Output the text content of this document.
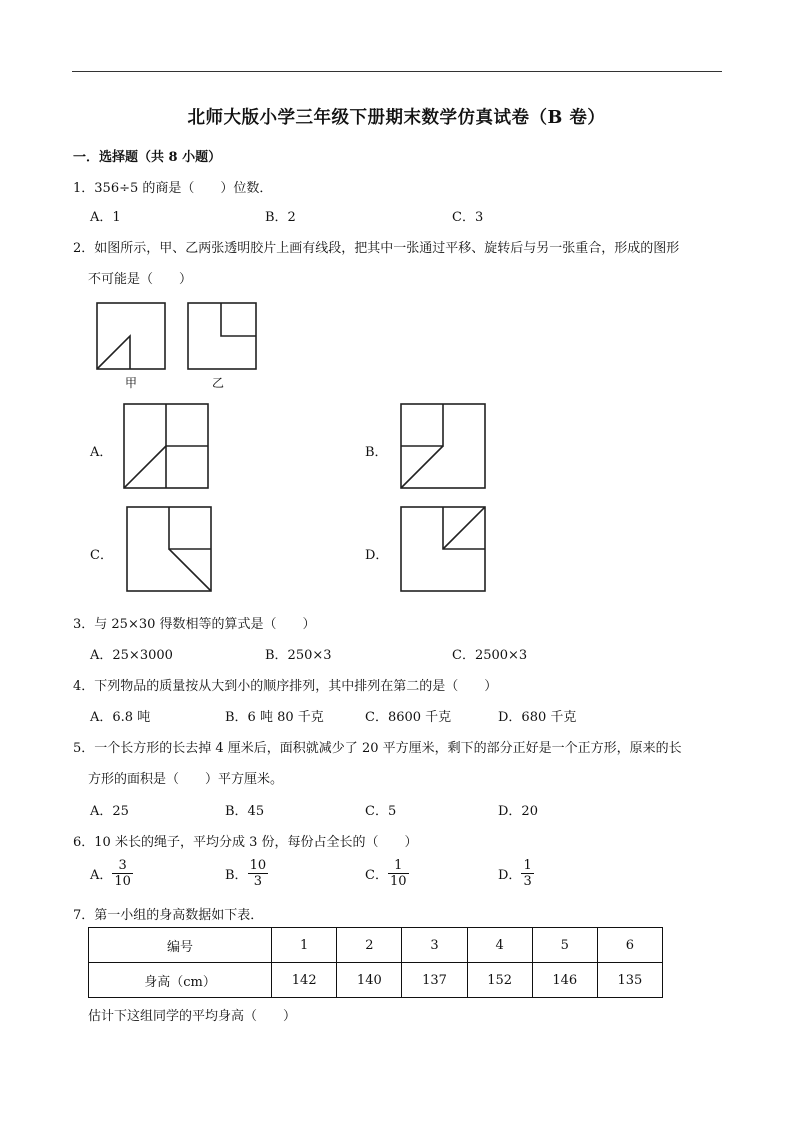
北师大版小学三年级下册期末数学仿真试卷（B 卷）
一．选择题（共 8 小题）
1．356÷5 的商是（　　）位数．
A．1	B．2	C．3
2．如图所示，甲、乙两张透明胶片上画有线段，把其中一张通过平移、旋转后与另一张重合，形成的图形
不可能是（　　）
甲	乙
A．	B．
C．	D．
3．与 25×30 得数相等的算式是（　　）
A．25×3000	B．250×3	C．2500×3
4．下列物品的质量按从大到小的顺序排列，其中排列在第二的是（　　）
A．6.8 吨	B．6 吨 80 千克	C．8600 千克	D．680 千克
5．一个长方形的长去掉 4 厘米后，面积就减少了 20 平方厘米，剩下的部分正好是一个正方形，原来的长
方形的面积是（　　）平方厘米。
A．25	B．45	C．5	D．20
6．10 米长的绳子，平均分成 3 份，每份占全长的（　　）
A． $\frac{3}{10}$	B． $\frac{10}{3}$	C． $\frac{1}{10}$	D． $\frac{1}{3}$
7．第一小组的身高数据如下表．
编号	1	2	3	4	5	6
身高（cm）	142	140	137	152	146	135
估计下这组同学的平均身高（　　）
